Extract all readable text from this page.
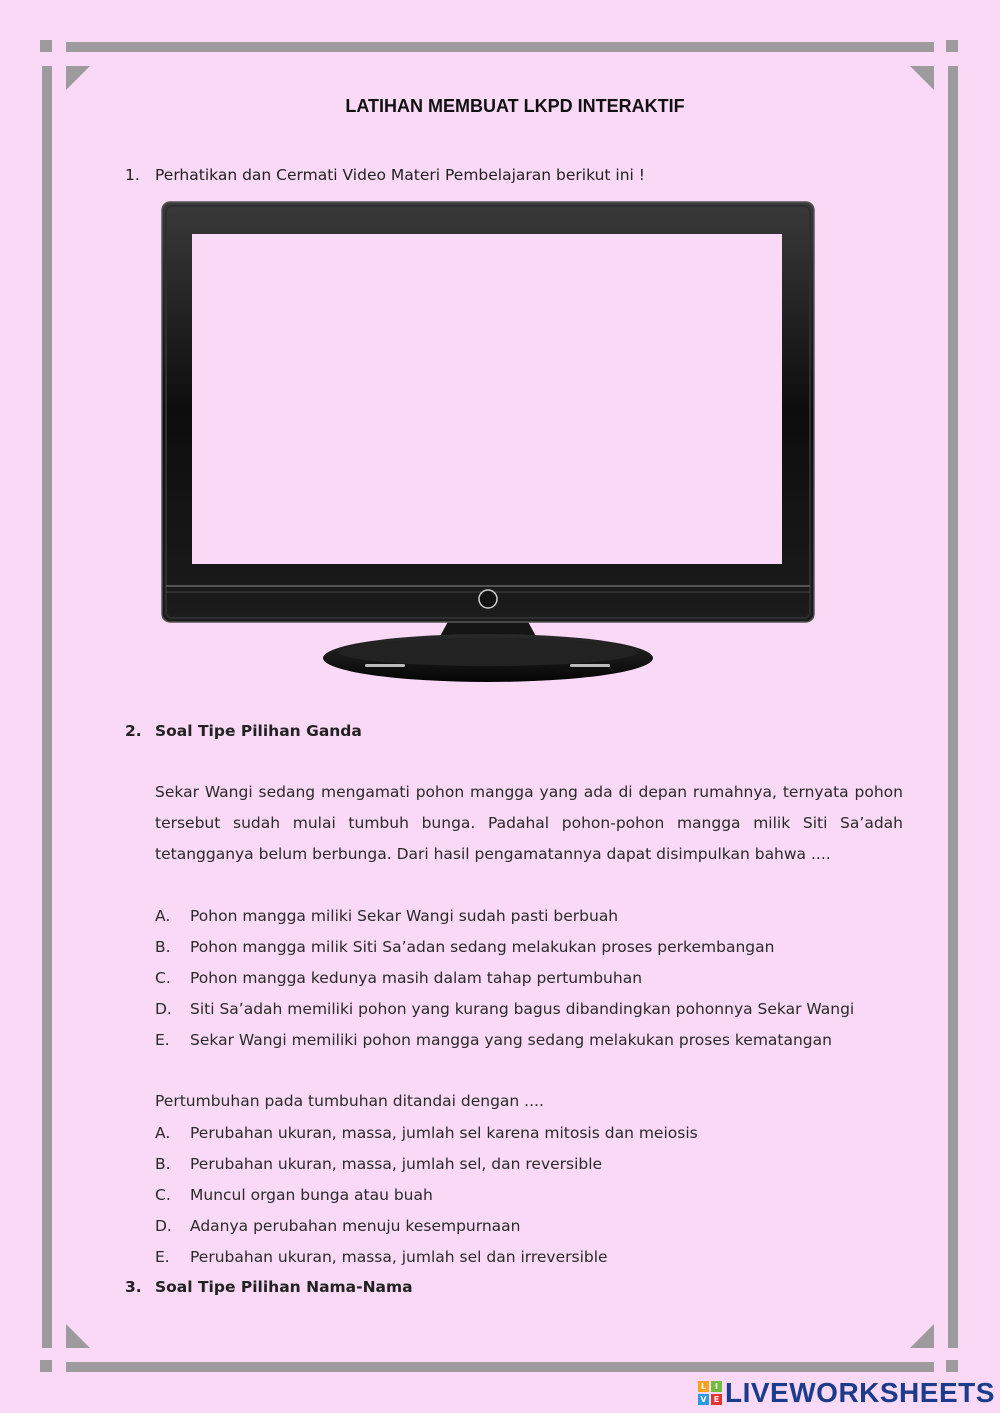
LATIHAN MEMBUAT LKPD INTERAKTIF
1. Perhatikan dan Cermati Video Materi Pembelajaran berikut ini !
2. Soal Tipe Pilihan Ganda
Sekar Wangi sedang mengamati pohon mangga yang ada di depan rumahnya, ternyata pohon tersebut sudah mulai tumbuh bunga. Padahal pohon-pohon mangga milik Siti Sa’adah tetangganya belum berbunga. Dari hasil pengamatannya dapat disimpulkan bahwa ....
A. Pohon mangga miliki Sekar Wangi sudah pasti berbuah
B. Pohon mangga milik Siti Sa’adan sedang melakukan proses perkembangan
C. Pohon mangga kedunya masih dalam tahap pertumbuhan
D. Siti Sa’adah memiliki pohon yang kurang bagus dibandingkan pohonnya Sekar Wangi
E. Sekar Wangi memiliki pohon mangga yang sedang melakukan proses kematangan
Pertumbuhan pada tumbuhan ditandai dengan ....
A. Perubahan ukuran, massa, jumlah sel karena mitosis dan meiosis
B. Perubahan ukuran, massa, jumlah sel, dan reversible
C. Muncul organ bunga atau buah
D. Adanya perubahan menuju kesempurnaan
E. Perubahan ukuran, massa, jumlah sel dan irreversible
3. Soal Tipe Pilihan Nama-Nama
L	I
V E LIVEWORKSHEETS
